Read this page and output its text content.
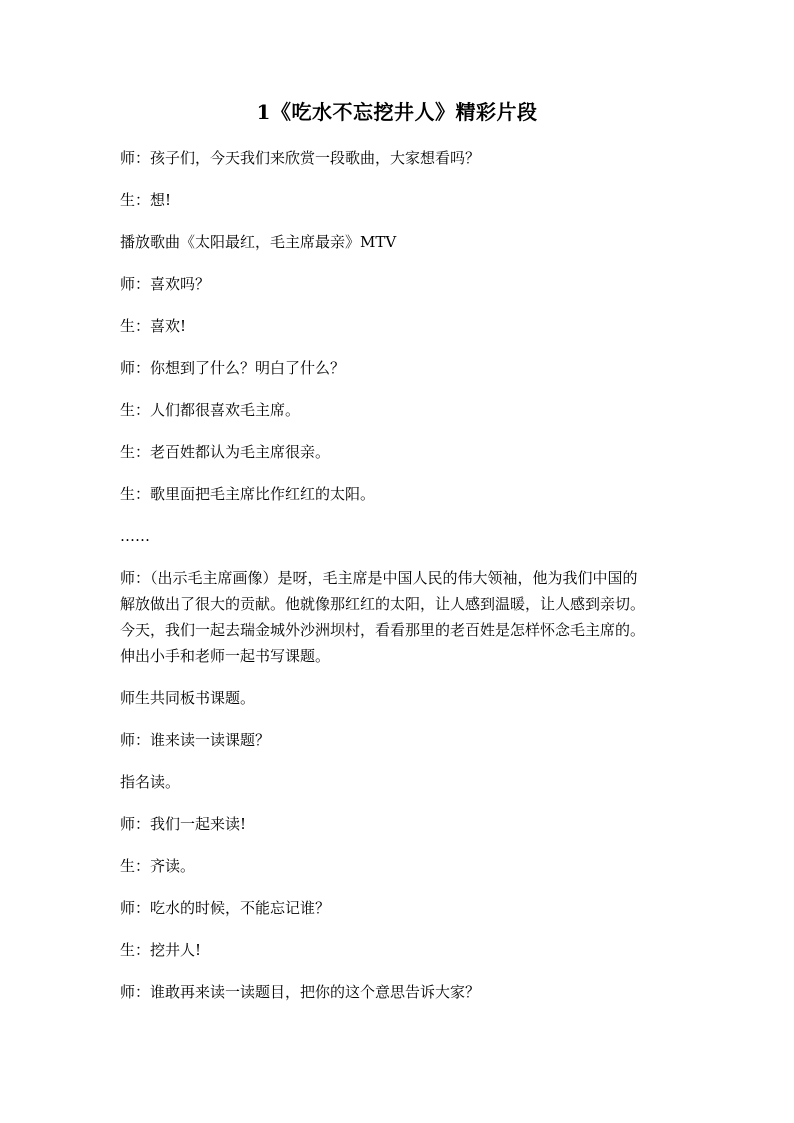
1《吃水不忘挖井人》精彩片段

师：孩子们，今天我们来欣赏一段歌曲，大家想看吗？

生：想!

播放歌曲《太阳最红，毛主席最亲》MTV

师：喜欢吗？

生：喜欢!

师：你想到了什么？明白了什么？

生：人们都很喜欢毛主席。

生：老百姓都认为毛主席很亲。

生：歌里面把毛主席比作红红的太阳。

……

师：（出示毛主席画像）是呀，毛主席是中国人民的伟大领袖，他为我们中国的

解放做出了很大的贡献。他就像那红红的太阳，让人感到温暖，让人感到亲切。

今天，我们一起去瑞金城外沙洲坝村，看看那里的老百姓是怎样怀念毛主席的。

伸出小手和老师一起书写课题。

师生共同板书课题。

师：谁来读一读课题？

指名读。

师：我们一起来读!

生：齐读。

师：吃水的时候，不能忘记谁？

生：挖井人!

师：谁敢再来读一读题目，把你的这个意思告诉大家？
